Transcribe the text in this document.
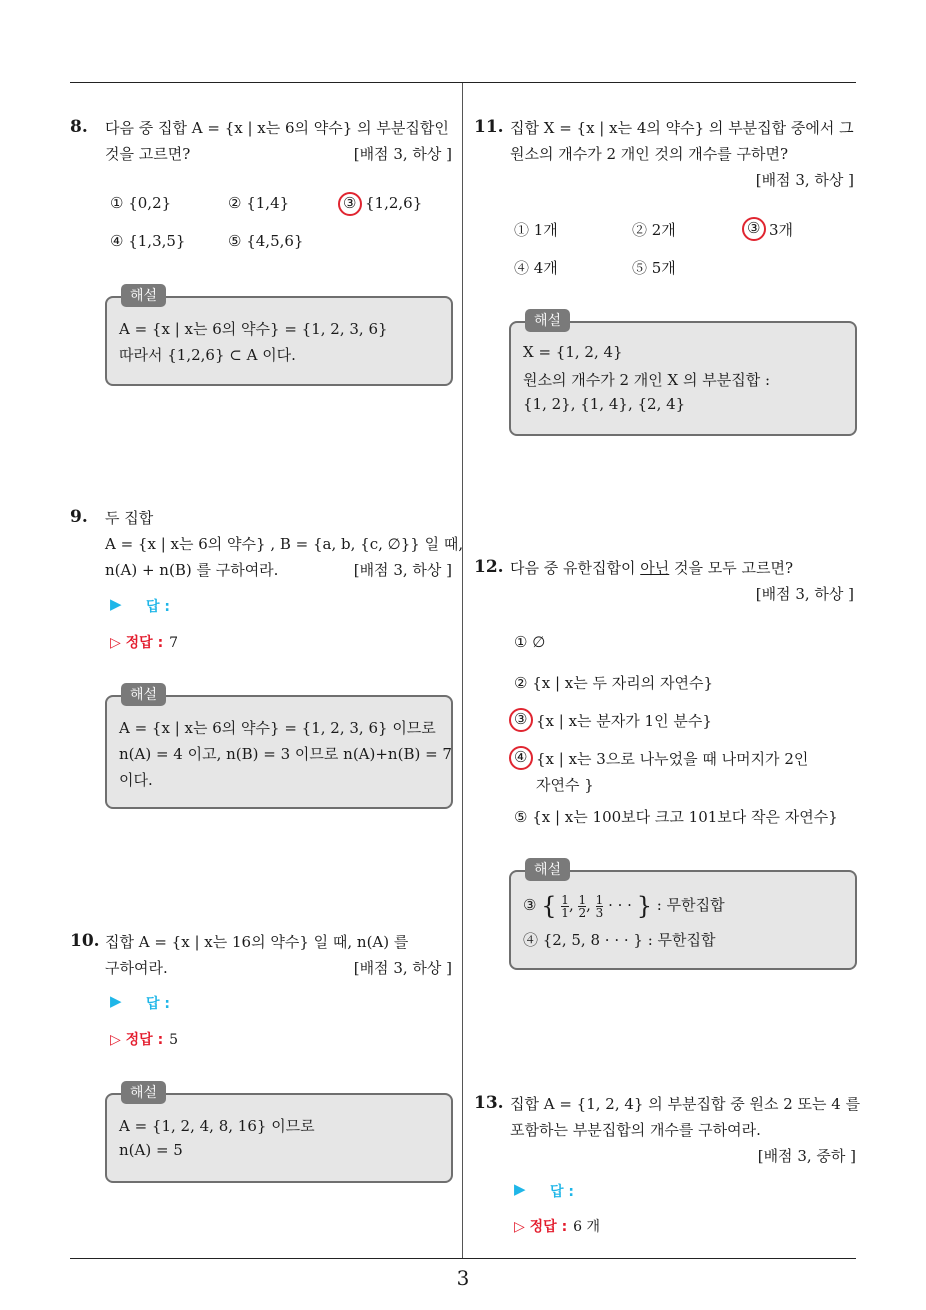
3
8. 다음 중 집합 A = {x | x는 6의 약수} 의 부분집합인
것을 고르면?	[배점 3, 하상 ]
① {0,2}	② {1,4}	③ {1,2,6}
④ {1,3,5}	⑤ {4,5,6}
해설
A = {x | x는 6의 약수} = {1, 2, 3, 6}
따라서 {1,2,6} ⊂ A 이다.
9. 두 집합
A = {x | x는 6의 약수} , B = {a, b, {c, ∅}} 일 때,
n(A) + n(B) 를 구하여라.	[배점 3, 하상 ]
▶ 답 :
▷ 정답 : 7
해설
A = {x | x는 6의 약수} = {1, 2, 3, 6} 이므로
n(A) = 4 이고, n(B) = 3 이므로 n(A)+n(B) = 7
이다.
10. 집합 A = {x | x는 16의 약수} 일 때, n(A) 를
구하여라.	[배점 3, 하상 ]
▶ 답 :
▷ 정답 : 5
해설
A = {1, 2, 4, 8, 16} 이므로
n(A) = 5
11. 집합 X = {x | x는 4의 약수} 의 부분집합 중에서 그
원소의 개수가 2 개인 것의 개수를 구하면?
[배점 3, 하상 ]
① 1개	② 2개	③ 3개
④ 4개	⑤ 5개
해설
X = {1, 2, 4}
원소의 개수가 2 개인 X 의 부분집합 :
{1, 2}, {1, 4}, {2, 4}
12. 다음 중 유한집합이 아닌 것을 모두 고르면?
[배점 3, 하상 ]
① ∅
② {x | x는 두 자리의 자연수}
③ {x | x는 분자가 1인 분수}
④ {x | x는 3으로 나누었을 때 나머지가 2인
자연수 }
⑤ {x | x는 100보다 크고 101보다 작은 자연수}
해설
③ { $\frac{1}{1}$ , $\frac{1}{2}$ , $\frac{1}{3}$ · · · } : 무한집합
④ {2, 5, 8 · · · } : 무한집합
13. 집합 A = {1, 2, 4} 의 부분집합 중 원소 2 또는 4 를
포함하는 부분집합의 개수를 구하여라.
[배점 3, 중하 ]
▶ 답 :
▷ 정답 : 6 개
